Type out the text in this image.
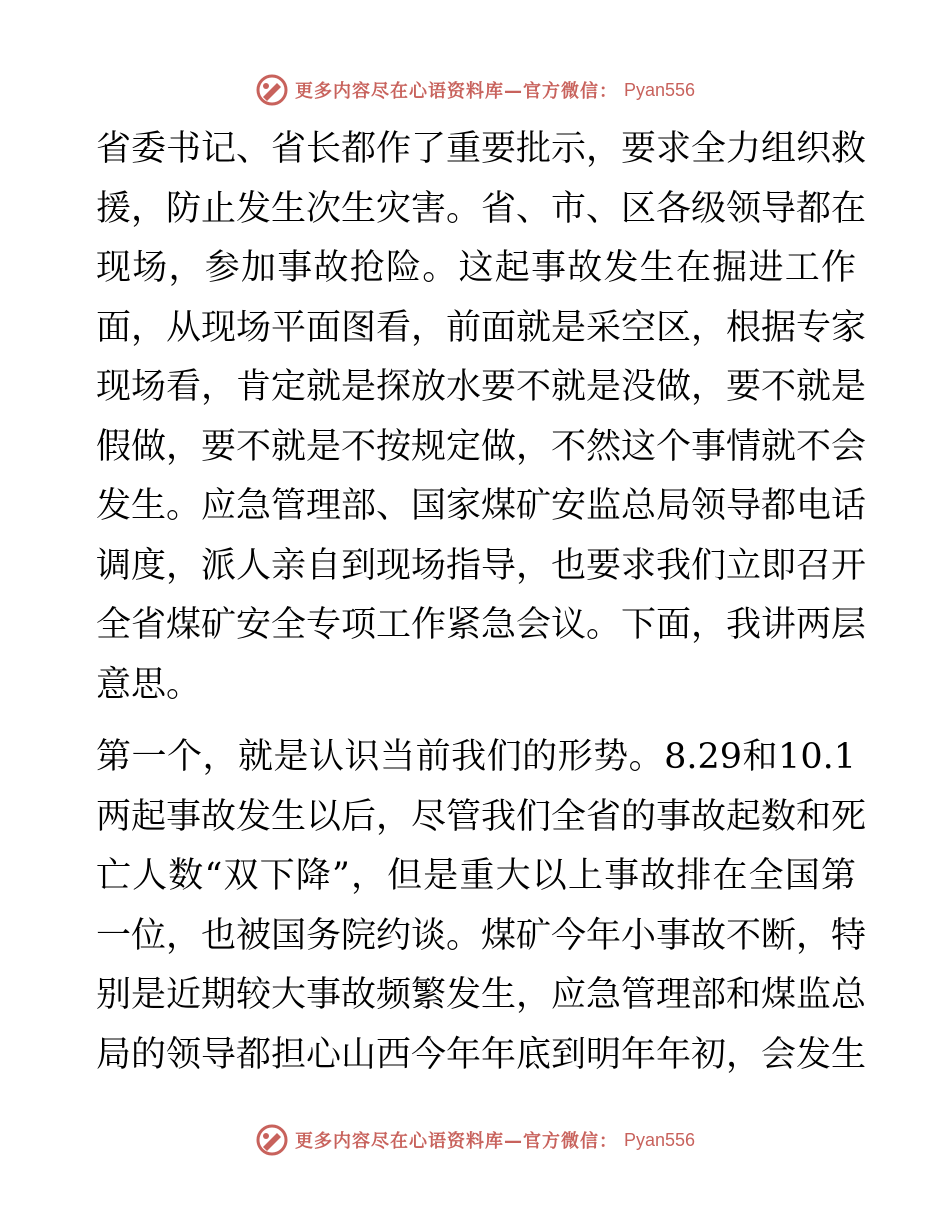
更多内容尽在心语资料库—官方微信： Pyan556
省委书记、省长都作了重要批示，要求全力组织救
援，防止发生次生灾害。省、市、区各级领导都在
现场，参加事故抢险。这起事故发生在掘进工作
面，从现场平面图看，前面就是采空区，根据专家
现场看，肯定就是探放水要不就是没做，要不就是
假做，要不就是不按规定做，不然这个事情就不会
发生。应急管理部、国家煤矿安监总局领导都电话
调度，派人亲自到现场指导，也要求我们立即召开
全省煤矿安全专项工作紧急会议。下面，我讲两层
意思。
第一个，就是认识当前我们的形势。8.29和10.1
两起事故发生以后，尽管我们全省的事故起数和死
亡人数“双下降”，但是重大以上事故排在全国第
一位，也被国务院约谈。煤矿今年小事故不断，特
别是近期较大事故频繁发生，应急管理部和煤监总
局的领导都担心山西今年年底到明年年初，会发生
更多内容尽在心语资料库—官方微信： Pyan556
